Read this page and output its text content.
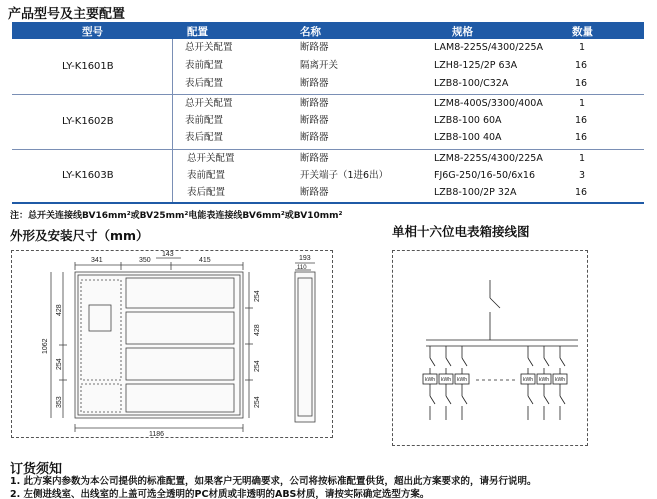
产品型号及主要配置
型号	配置	名称	规格	数量
LY-K1601B
总开关配置	断路器	LAM8-225S/4300/225A	1
表前配置	隔离开关	LZH8-125/2P 63A	16
表后配置	断路器	LZB8-100/C32A	16
LY-K1602B
总开关配置	断路器	LZM8-400S/3300/400A	1
表前配置	断路器	LZB8-100 60A	16
表后配置	断路器	LZB8-100 40A	16
LY-K1603B
总开关配置	断路器	LZM8-225S/4300/225A	1
表前配置	开关端子（1进6出）	FJ6G-250/16-50/6x16	3
表后配置	断路器	LZB8-100/2P 32A	16
注：总开关连接线BV16mm²或BV25mm²电能表连接线BV6mm²或BV10mm²
外形及安装尺寸（mm）	单相十六位电表箱接线图
341	350
143
415
1186
193
110
1062
428
254
353
254
428
254
254
kWh kWh kWh	kWh kWh kWh
订货须知
1. 此方案内参数为本公司提供的标准配置，如果客户无明确要求，公司将按标准配置供货，超出此方案要求的，请另行说明。
2. 左侧进线室、出线室的上盖可选全透明的PC材质或非透明的ABS材质，请按实际确定选型方案。
